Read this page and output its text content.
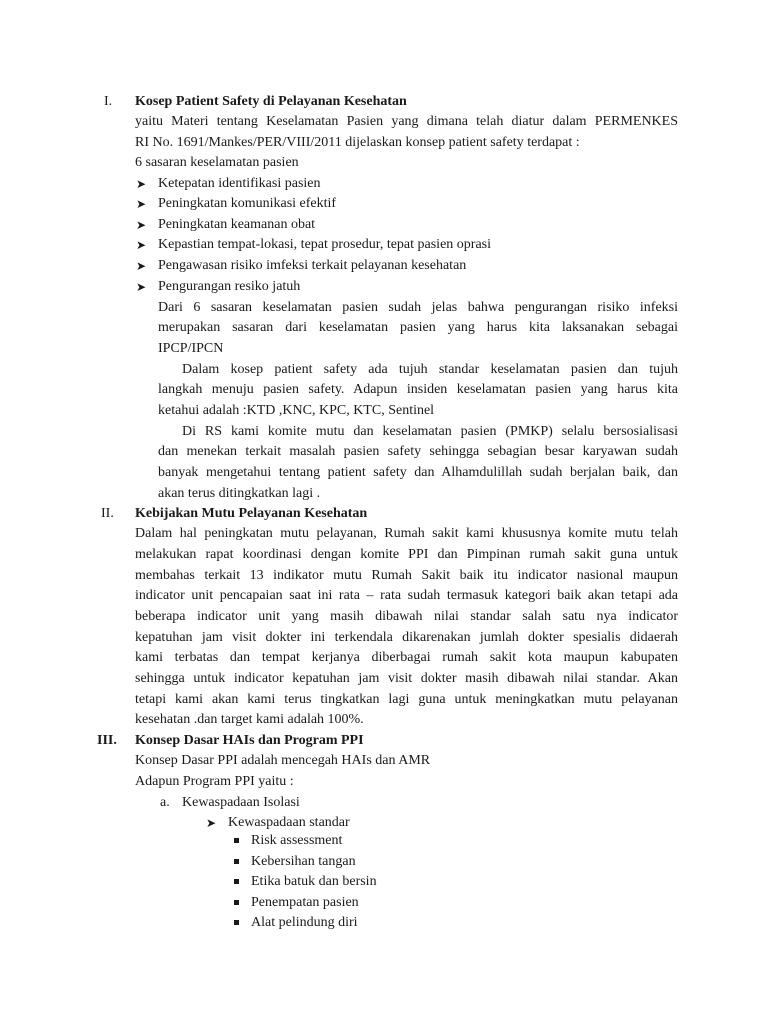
I. Kosep Patient Safety di Pelayanan Kesehatan
yaitu Materi tentang Keselamatan Pasien yang dimana telah diatur dalam PERMENKES
RI No. 1691/Mankes/PER/VIII/2011 dijelaskan konsep patient safety terdapat :
6 sasaran keselamatan pasien
➤ Ketepatan identifikasi pasien
➤ Peningkatan komunikasi efektif
➤ Peningkatan keamanan obat
➤ Kepastian tempat-lokasi, tepat prosedur, tepat pasien oprasi
➤ Pengawasan risiko imfeksi terkait pelayanan kesehatan
➤ Pengurangan resiko jatuh
Dari 6 sasaran keselamatan pasien sudah jelas bahwa pengurangan risiko infeksi
merupakan sasaran dari keselamatan pasien yang harus kita laksanakan sebagai
IPCP/IPCN
Dalam kosep patient safety ada tujuh standar keselamatan pasien dan tujuh
langkah menuju pasien safety. Adapun insiden keselamatan pasien yang harus kita
ketahui adalah :KTD ,KNC, KPC, KTC, Sentinel
Di RS kami komite mutu dan keselamatan pasien (PMKP) selalu bersosialisasi
dan menekan terkait masalah pasien safety sehingga sebagian besar karyawan sudah
banyak mengetahui tentang patient safety dan Alhamdulillah sudah berjalan baik, dan
akan terus ditingkatkan lagi .
II. Kebijakan Mutu Pelayanan Kesehatan
Dalam hal peningkatan mutu pelayanan, Rumah sakit kami khususnya komite mutu telah
melakukan rapat koordinasi dengan komite PPI dan Pimpinan rumah sakit guna untuk
membahas terkait 13 indikator mutu Rumah Sakit baik itu indicator nasional maupun
indicator unit pencapaian saat ini rata – rata sudah termasuk kategori baik akan tetapi ada
beberapa indicator unit yang masih dibawah nilai standar salah satu nya indicator
kepatuhan jam visit dokter ini terkendala dikarenakan jumlah dokter spesialis didaerah
kami terbatas dan tempat kerjanya diberbagai rumah sakit kota maupun kabupaten
sehingga untuk indicator kepatuhan jam visit dokter masih dibawah nilai standar. Akan
tetapi kami akan kami terus tingkatkan lagi guna untuk meningkatkan mutu pelayanan
kesehatan .dan target kami adalah 100%.
III. Konsep Dasar HAIs dan Program PPI
Konsep Dasar PPI adalah mencegah HAIs dan AMR
Adapun Program PPI yaitu :
a. Kewaspadaan Isolasi
➤ Kewaspadaan standar
Risk assessment
Kebersihan tangan
Etika batuk dan bersin
Penempatan pasien
Alat pelindung diri
